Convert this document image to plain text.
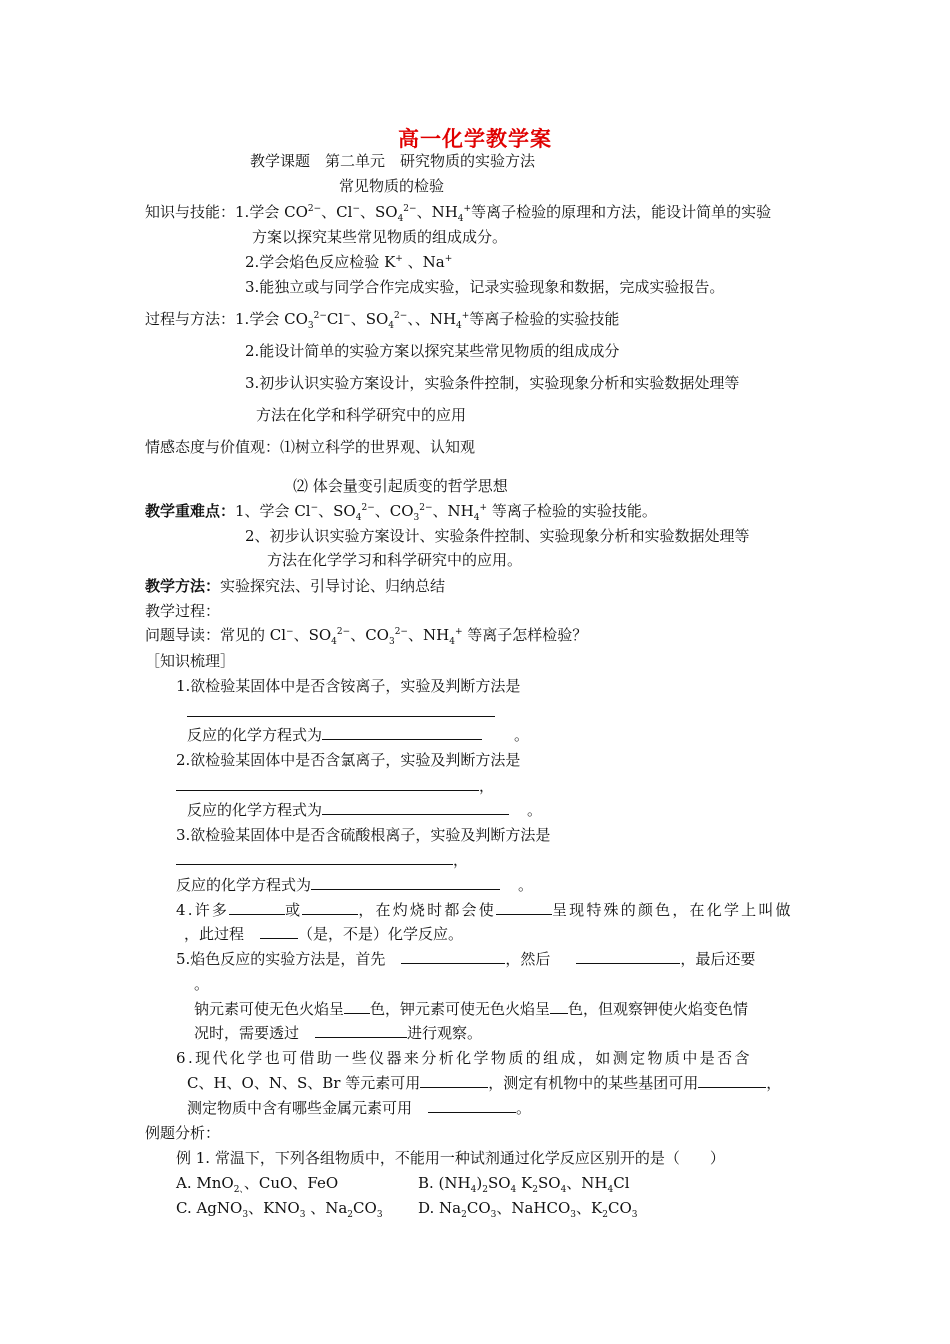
高一化学教学案
教学课题　第二单元　研究物质的实验方法
常见物质的检验
知识与技能：1.学会 $CO^{2-}$、Cl−、$SO_4^{2-}$、$NH_4^+$等离子检验的原理和方法，能设计简单的实验
方案以探究某些常见物质的组成成分。
2.学会焰色反应检验 K+ 、Na+
3.能独立或与同学合作完成实验，记录实验现象和数据，完成实验报告。
过程与方法：1.学会 $CO_3^{2-}Cl^-$、$SO_4^{2-}$、、$NH_4^+$等离子检验的实验技能
2.能设计简单的实验方案以探究某些常见物质的组成成分
3.初步认识实验方案设计，实验条件控制，实验现象分析和实验数据处理等
方法在化学和科学研究中的应用
情感态度与价值观：⑴树立科学的世界观、认知观
⑵ 体会量变引起质变的哲学思想
教学重难点：1、学会 Cl−、$SO_4^{2-}$、$CO_3^{2-}$、$NH_4^+$ 等离子检验的实验技能。
2、初步认识实验方案设计、实验条件控制、实验现象分析和实验数据处理等
方法在化学学习和科学研究中的应用。
教学方法：实验探究法、引导讨论、归纳总结
教学过程：
问题导读：常见的 Cl−、$SO_4^{2-}$、$CO_3^{2-}$、$NH_4^+$ 等离子怎样检验？
［知识梳理］
1.欲检验某固体中是否含铵离子，实验及判断方法是
反应的化学方程式为	。
2.欲检验某固体中是否含氯离子，实验及判断方法是
，
反应的化学方程式为	。
3.欲检验某固体中是否含硫酸根离子，实验及判断方法是
，
反应的化学方程式为	。
4.许多	或	，在灼烧时都会使	呈现特殊的颜色，在化学上叫做
，此过程	（是，不是）化学反应。
5.焰色反应的实验方法是，首先	，然后	，最后还要
。
钠元素可使无色火焰呈 色，钾元素可使无色火焰呈 色，但观察钾使火焰变色情
况时，需要透过	进行观察。
6.现代化学也可借助一些仪器来分析化学物质的组成，如测定物质中是否含
C、H、O、N、S、Br 等元素可用	，测定有机物中的某些基团可用	，
测定物质中含有哪些金属元素可用	。
例题分析：
例 1. 常温下，下列各组物质中，不能用一种试剂通过化学反应区别开的是（　　）
A. MnO$_{2、}$、CuO、FeO	B. $(NH_4)_2SO_4$ $K_2SO_4$、$NH_4Cl$
C. AgNO$_3$、$KNO_3$ 、$Na_2CO_3$ D. $Na_2CO_3$、NaHCO$_3$、$K_2CO_3$
